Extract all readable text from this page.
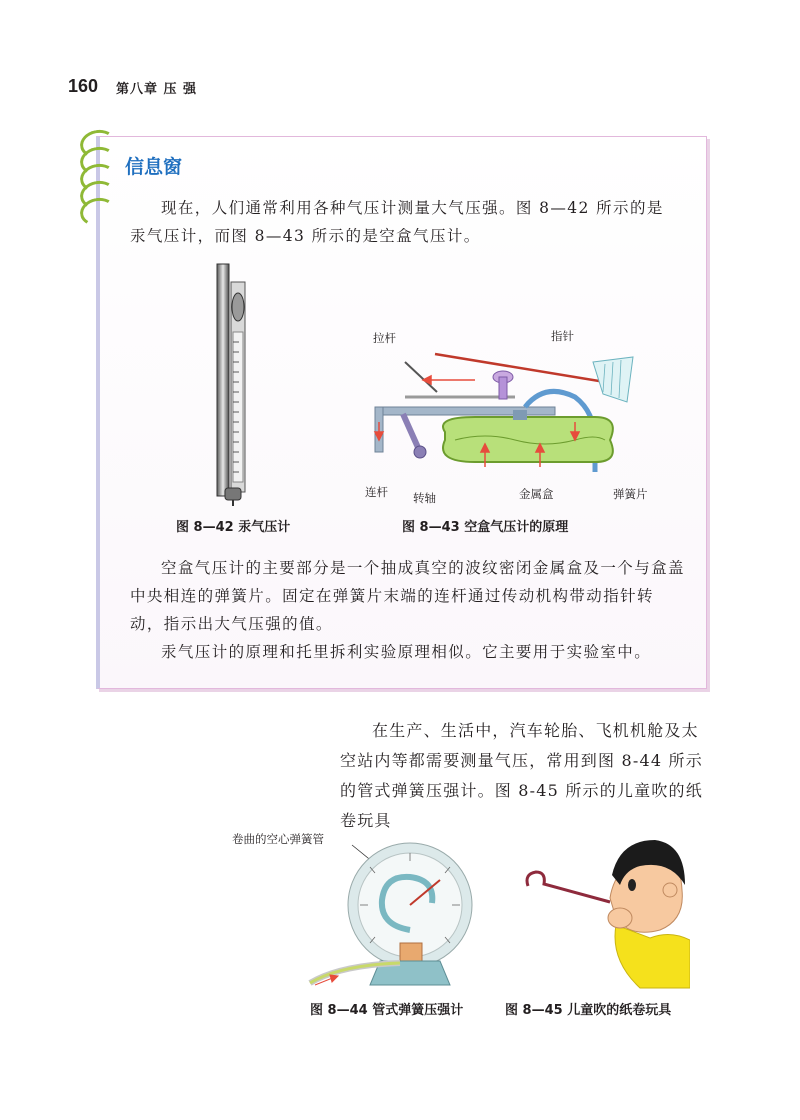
160 第八章 压 强
信息窗
现在，人们通常利用各种气压计测量大气压强。图 8—42 所示的是汞气压计，而图 8—43 所示的是空盒气压计。
拉杆	指针
连杆 转轴	金属盒	弹簧片
图 8—42 汞气压计	图 8—43 空盒气压计的原理
空盒气压计的主要部分是一个抽成真空的波纹密闭金属盒及一个与盒盖中央相连的弹簧片。固定在弹簧片末端的连杆通过传动机构带动指针转动，指示出大气压强的值。
汞气压计的原理和托里拆利实验原理相似。它主要用于实验室中。
在生产、生活中，汽车轮胎、飞机机舱及太空站内等都需要测量气压，常用到图 8-44 所示的管式弹簧压强计。图 8-45 所示的儿童吹的纸卷玩具
卷曲的空心弹簧管
图 8—44 管式弹簧压强计	图 8—45 儿童吹的纸卷玩具
